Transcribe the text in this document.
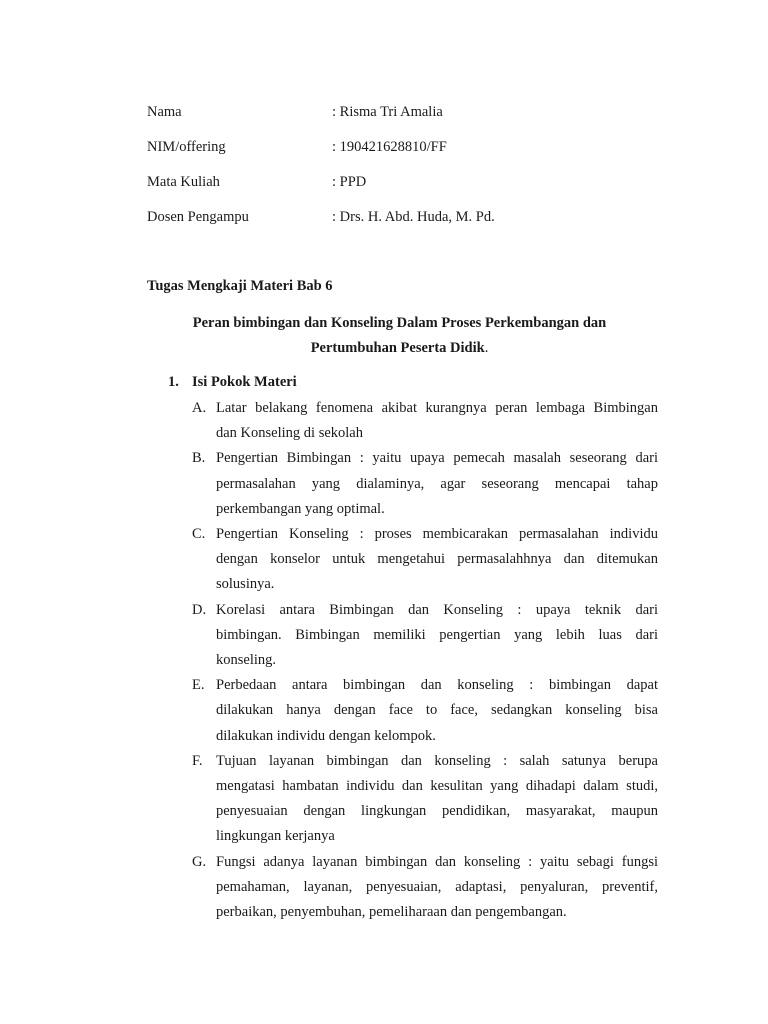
Nama	: Risma Tri Amalia
NIM/offering	: 190421628810/FF
Mata Kuliah	: PPD
Dosen Pengampu	: Drs. H. Abd. Huda, M. Pd.
Tugas Mengkaji Materi Bab 6
Peran bimbingan dan Konseling Dalam Proses Perkembangan dan
Pertumbuhan Peserta Didik.
1. Isi Pokok Materi
A. Latar belakang fenomena akibat kurangnya peran lembaga Bimbingan
dan Konseling di sekolah
B. Pengertian Bimbingan : yaitu upaya pemecah masalah seseorang dari
permasalahan yang dialaminya, agar seseorang mencapai tahap
perkembangan yang optimal.
C. Pengertian Konseling : proses membicarakan permasalahan individu
dengan konselor untuk mengetahui permasalahhnya dan ditemukan
solusinya.
D. Korelasi antara Bimbingan dan Konseling : upaya teknik dari
bimbingan. Bimbingan memiliki pengertian yang lebih luas dari
konseling.
E. Perbedaan antara bimbingan dan konseling : bimbingan dapat
dilakukan hanya dengan face to face, sedangkan konseling bisa
dilakukan individu dengan kelompok.
F. Tujuan layanan bimbingan dan konseling : salah satunya berupa
mengatasi hambatan individu dan kesulitan yang dihadapi dalam studi,
penyesuaian dengan lingkungan pendidikan, masyarakat, maupun
lingkungan kerjanya
G. Fungsi adanya layanan bimbingan dan konseling : yaitu sebagi fungsi
pemahaman, layanan, penyesuaian, adaptasi, penyaluran, preventif,
perbaikan, penyembuhan, pemeliharaan dan pengembangan.
